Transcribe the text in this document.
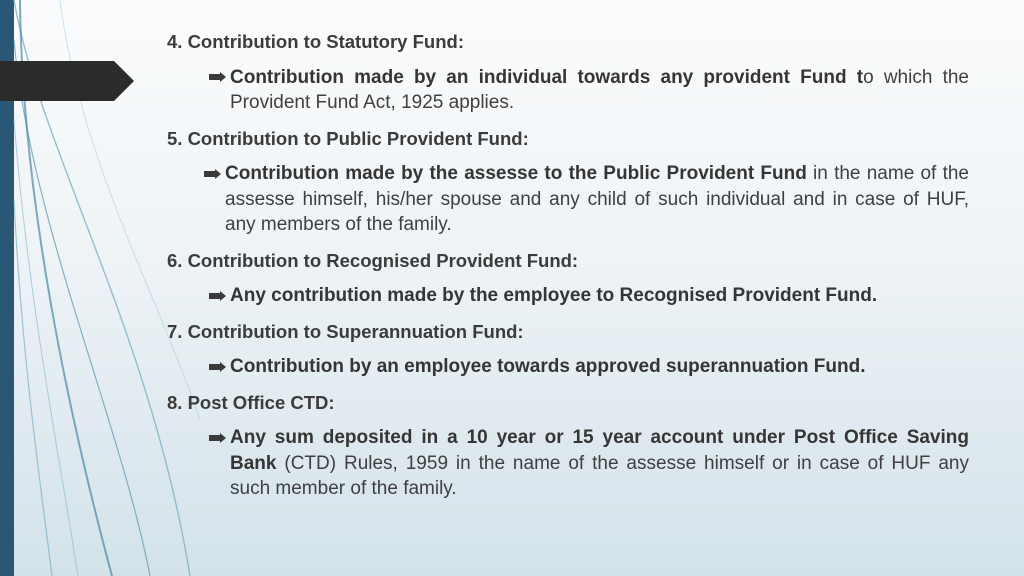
4. Contribution to Statutory Fund:
Contribution made by an individual towards any provident Fund to which the Provident Fund Act, 1925 applies.
5. Contribution to Public Provident Fund:
Contribution made by the assesse to the Public Provident Fund in the name of the assesse himself, his/her spouse and any child of such individual and in case of HUF, any members of the family.
6. Contribution to Recognised Provident Fund:
Any contribution made by the employee to Recognised Provident Fund.
7. Contribution to Superannuation Fund:
Contribution by an employee towards approved superannuation Fund.
8. Post Office CTD:
Any sum deposited in a 10 year or 15 year account under Post Office Saving Bank (CTD) Rules, 1959 in the name of the assesse himself or in case of HUF any such member of the family.
